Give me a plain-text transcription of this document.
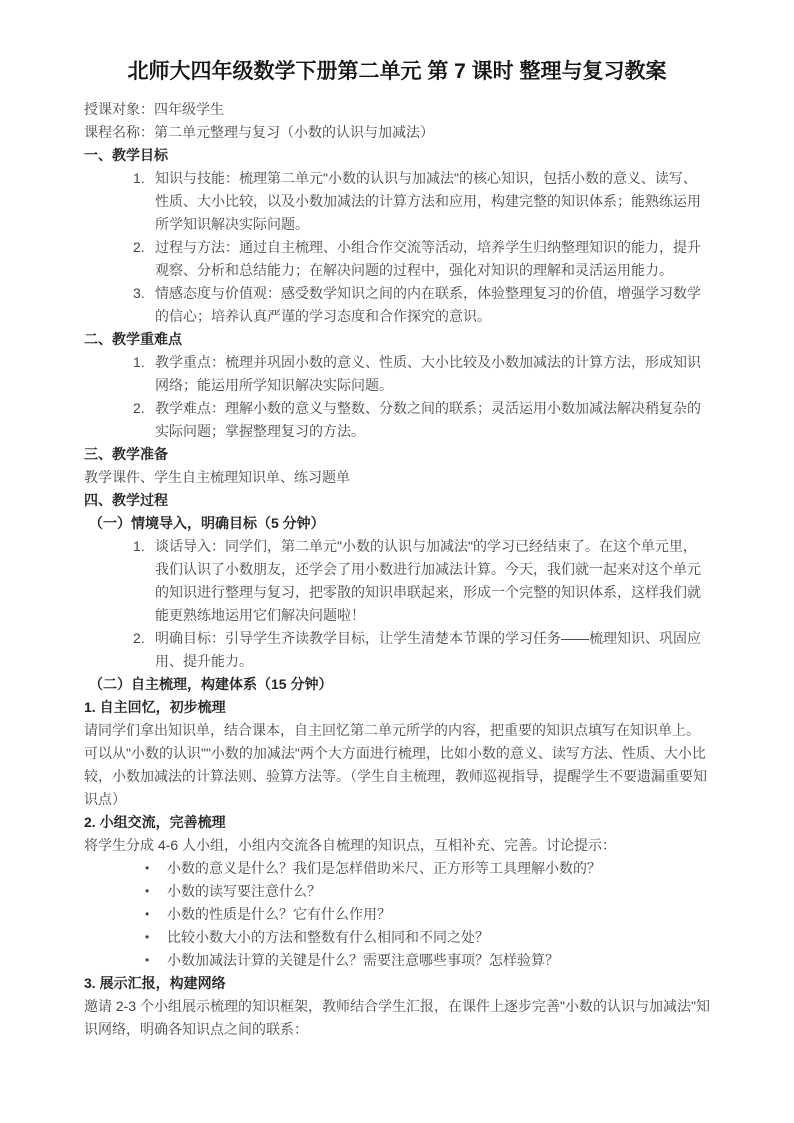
北师大四年级数学下册第二单元 第 7 课时 整理与复习教案

授课对象：四年级学生

课程名称：第二单元整理与复习（小数的认识与加减法）

一、教学目标

1. 知识与技能：梳理第二单元"小数的认识与加减法"的核心知识，包括小数的意义、读写、性质、大小比较，以及小数加减法的计算方法和应用，构建完整的知识体系；能熟练运用所学知识解决实际问题。
2. 过程与方法：通过自主梳理、小组合作交流等活动，培养学生归纳整理知识的能力，提升观察、分析和总结能力；在解决问题的过程中，强化对知识的理解和灵活运用能力。
3. 情感态度与价值观：感受数学知识之间的内在联系，体验整理复习的价值，增强学习数学的信心；培养认真严谨的学习态度和合作探究的意识。

二、教学重难点

1. 教学重点：梳理并巩固小数的意义、性质、大小比较及小数加减法的计算方法，形成知识网络；能运用所学知识解决实际问题。
2. 教学难点：理解小数的意义与整数、分数之间的联系；灵活运用小数加减法解决稍复杂的实际问题；掌握整理复习的方法。

三、教学准备

教学课件、学生自主梳理知识单、练习题单

四、教学过程

（一）情境导入，明确目标（5 分钟）

1. 谈话导入：同学们，第二单元"小数的认识与加减法"的学习已经结束了。在这个单元里，我们认识了小数朋友，还学会了用小数进行加减法计算。今天，我们就一起来对这个单元的知识进行整理与复习，把零散的知识串联起来，形成一个完整的知识体系，这样我们就能更熟练地运用它们解决问题啦！
2. 明确目标：引导学生齐读教学目标，让学生清楚本节课的学习任务——梳理知识、巩固应用、提升能力。

（二）自主梳理，构建体系（15 分钟）

1. 自主回忆，初步梳理

请同学们拿出知识单，结合课本，自主回忆第二单元所学的内容，把重要的知识点填写在知识单上。可以从"小数的认识""小数的加减法"两个大方面进行梳理，比如小数的意义、读写方法、性质、大小比较，小数加减法的计算法则、验算方法等。（学生自主梳理，教师巡视指导，提醒学生不要遗漏重要知识点）

2. 小组交流，完善梳理

将学生分成 4-6 人小组，小组内交流各自梳理的知识点，互相补充、完善。讨论提示：

•	小数的意义是什么？我们是怎样借助米尺、正方形等工具理解小数的？
•	小数的读写要注意什么？
•	小数的性质是什么？它有什么作用？
•	比较小数大小的方法和整数有什么相同和不同之处？
•	小数加减法计算的关键是什么？需要注意哪些事项？怎样验算？

3. 展示汇报，构建网络

邀请 2-3 个小组展示梳理的知识框架，教师结合学生汇报，在课件上逐步完善"小数的认识与加减法"知识网络，明确各知识点之间的联系：
